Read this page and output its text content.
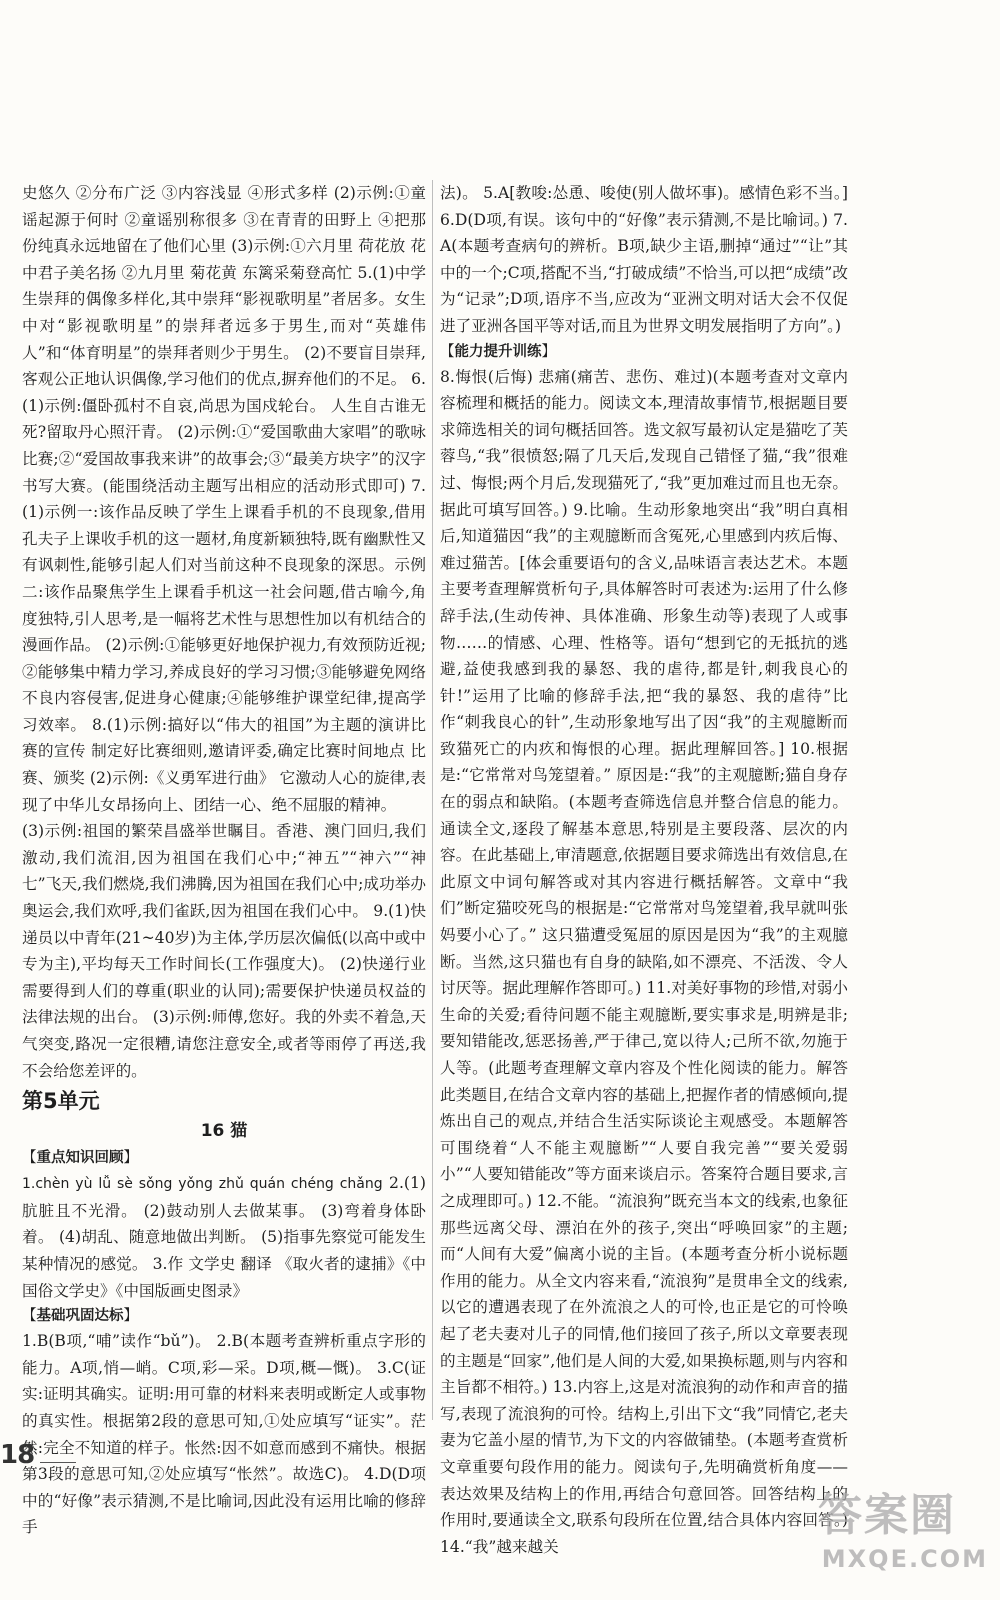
史悠久 ②分布广泛 ③内容浅显 ④形式多样 (2)示例:①童谣起源于何时 ②童谣别称很多 ③在青青的田野上 ④把那份纯真永远地留在了他们心里 (3)示例:①六月里 荷花放 花中君子美名扬 ②九月里 菊花黄 东篱采菊登高忙 5.(1)中学生崇拜的偶像多样化,其中崇拜“影视歌明星”者居多。女生中对“影视歌明星”的崇拜者远多于男生,而对“英雄伟人”和“体育明星”的崇拜者则少于男生。 (2)不要盲目崇拜,客观公正地认识偶像,学习他们的优点,摒弃他们的不足。 6.(1)示例:僵卧孤村不自哀,尚思为国戍轮台。 人生自古谁无死?留取丹心照汗青。 (2)示例:①“爱国歌曲大家唱”的歌咏比赛;②“爱国故事我来讲”的故事会;③“最美方块字”的汉字书写大赛。(能围绕活动主题写出相应的活动形式即可) 7.(1)示例一:该作品反映了学生上课看手机的不良现象,借用孔夫子上课收手机的这一题材,角度新颖独特,既有幽默性又有讽刺性,能够引起人们对当前这种不良现象的深思。示例二:该作品聚焦学生上课看手机这一社会问题,借古喻今,角度独特,引人思考,是一幅将艺术性与思想性加以有机结合的漫画作品。 (2)示例:①能够更好地保护视力,有效预防近视;②能够集中精力学习,养成良好的学习习惯;③能够避免网络不良内容侵害,促进身心健康;④能够维护课堂纪律,提高学习效率。 8.(1)示例:搞好以“伟大的祖国”为主题的演讲比赛的宣传 制定好比赛细则,邀请评委,确定比赛时间地点 比赛、颁奖 (2)示例:《义勇军进行曲》 它激动人心的旋律,表现了中华儿女昂扬向上、团结一心、绝不屈服的精神。

(3)示例:祖国的繁荣昌盛举世瞩目。香港、澳门回归,我们激动,我们流泪,因为祖国在我们心中;“神五”“神六”“神七”飞天,我们燃烧,我们沸腾,因为祖国在我们心中;成功举办奥运会,我们欢呼,我们雀跃,因为祖国在我们心中。 9.(1)快递员以中青年(21~40岁)为主体,学历层次偏低(以高中或中专为主),平均每天工作时间长(工作强度大)。 (2)快递行业需要得到人们的尊重(职业的认同);需要保护快递员权益的法律法规的出台。 (3)示例:师傅,您好。我的外卖不着急,天气突变,路况一定很糟,请您注意安全,或者等雨停了再送,我不会给您差评的。

第5单元
16 猫
【重点知识回顾】

1.chèn yù lǚ sè sǒng yǒng zhǔ quán chéng chǎng 2.(1)肮脏且不光滑。 (2)鼓动别人去做某事。 (3)弯着身体卧着。 (4)胡乱、随意地做出判断。 (5)指事先察觉可能发生某种情况的感觉。 3.作 文学史 翻译 《取火者的逮捕》《中国俗文学史》《中国版画史图录》

【基础巩固达标】

1.B(B项,“哺”读作“bǔ”)。 2.B(本题考查辨析重点字形的能力。A项,悄—峭。C项,彩—采。D项,概—慨)。 3.C(证实:证明其确实。证明:用可靠的材料来表明或断定人或事物的真实性。根据第2段的意思可知,①处应填写“证实”。茫然:完全不知道的样子。怅然:因不如意而感到不痛快。根据第3段的意思可知,②处应填写“怅然”。故选C)。 4.D(D项中的“好像”表示猜测,不是比喻词,因此没有运用比喻的修辞手

法)。 5.A[教唆:怂恿、唆使(别人做坏事)。感情色彩不当。] 6.D(D项,有误。该句中的“好像”表示猜测,不是比喻词。) 7.A(本题考查病句的辨析。B项,缺少主语,删掉“通过”“让”其中的一个;C项,搭配不当,“打破成绩”不恰当,可以把“成绩”改为“记录”;D项,语序不当,应改为“亚洲文明对话大会不仅促进了亚洲各国平等对话,而且为世界文明发展指明了方向”。)

【能力提升训练】

8.悔恨(后悔) 悲痛(痛苦、悲伤、难过)(本题考查对文章内容梳理和概括的能力。阅读文本,理清故事情节,根据题目要求筛选相关的词句概括回答。选文叙写最初认定是猫吃了芙蓉鸟,“我”很愤怒;隔了几天后,发现自己错怪了猫,“我”很难过、悔恨;两个月后,发现猫死了,“我”更加难过而且也无奈。据此可填写回答。) 9.比喻。生动形象地突出“我”明白真相后,知道猫因“我”的主观臆断而含冤死,心里感到内疚后悔、难过猫苦。[体会重要语句的含义,品味语言表达艺术。本题主要考查理解赏析句子,具体解答时可表述为:运用了什么修辞手法,(生动传神、具体准确、形象生动等)表现了人或事物……的情感、心理、性格等。语句“想到它的无抵抗的逃避,益使我感到我的暴怒、我的虐待,都是针,刺我良心的针!”运用了比喻的修辞手法,把“我的暴怒、我的虐待”比作“刺我良心的针”,生动形象地写出了因“我”的主观臆断而致猫死亡的内疚和悔恨的心理。据此理解回答。] 10.根据是:“它常常对鸟笼望着。” 原因是:“我”的主观臆断;猫自身存在的弱点和缺陷。(本题考查筛选信息并整合信息的能力。通读全文,逐段了解基本意思,特别是主要段落、层次的内容。在此基础上,审清题意,依据题目要求筛选出有效信息,在此原文中词句解答或对其内容进行概括解答。文章中“我们”断定猫咬死鸟的根据是:“它常常对鸟笼望着,我早就叫张妈要小心了。” 这只猫遭受冤屈的原因是因为“我”的主观臆断。当然,这只猫也有自身的缺陷,如不漂亮、不活泼、令人讨厌等。据此理解作答即可。) 11.对美好事物的珍惜,对弱小生命的关爱;看待问题不能主观臆断,要实事求是,明辨是非;要知错能改,惩恶扬善,严于律己,宽以待人;己所不欲,勿施于人等。(此题考查理解文章内容及个性化阅读的能力。解答此类题目,在结合文章内容的基础上,把握作者的情感倾向,提炼出自己的观点,并结合生活实际谈论主观感受。本题解答可围绕着“人不能主观臆断”“人要自我完善”“要关爱弱小”“人要知错能改”等方面来谈启示。答案符合题目要求,言之成理即可。) 12.不能。“流浪狗”既充当本文的线索,也象征那些远离父母、漂泊在外的孩子,突出“呼唤回家”的主题;而“人间有大爱”偏离小说的主旨。(本题考查分析小说标题作用的能力。从全文内容来看,“流浪狗”是贯串全文的线索,以它的遭遇表现了在外流浪之人的可怜,也正是它的可怜唤起了老夫妻对儿子的同情,他们接回了孩子,所以文章要表现的主题是“回家”,他们是人间的大爱,如果换标题,则与内容和主旨都不相符。) 13.内容上,这是对流浪狗的动作和声音的描写,表现了流浪狗的可怜。结构上,引出下文“我”同情它,老夫妻为它盖小屋的情节,为下文的内容做铺垫。(本题考查赏析文章重要句段作用的能力。阅读句子,先明确赏析角度——表达效果及结构上的作用,再结合句意回答。回答结构上的作用时,要通读全文,联系句段所在位置,结合具体内容回答。) 14.“我”越来越关

18
答案圈
MXQE.COM
